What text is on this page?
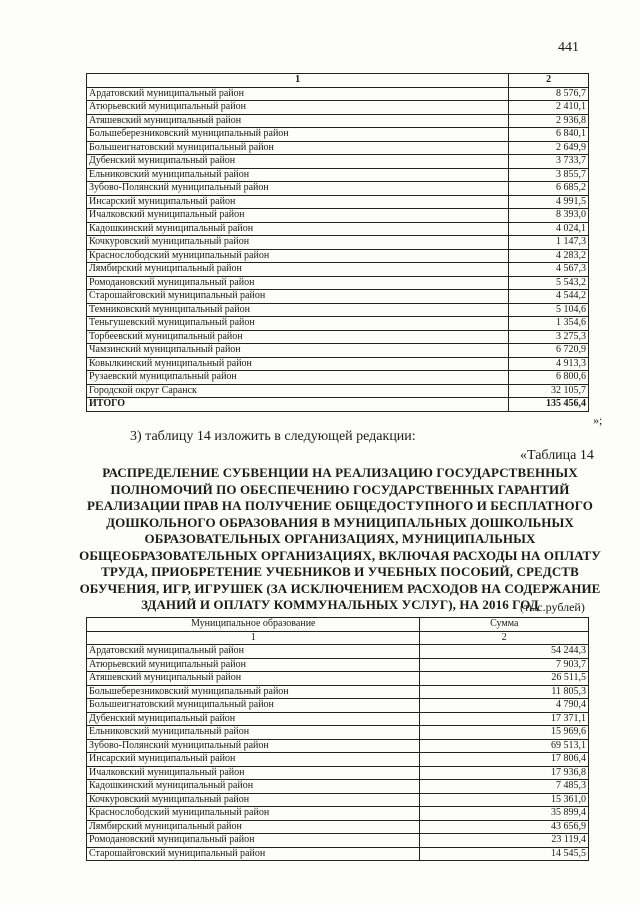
441
1	2
Ардатовский муниципальный район	8 576,7
Атюрьевский муниципальный район	2 410,1
Атяшевский муниципальный район	2 936,8
Большеберезниковский муниципальный район	6 840,1
Большеигнатовский муниципальный район	2 649,9
Дубенский муниципальный район	3 733,7
Ельниковский муниципальный район	3 855,7
Зубово-Полянский муниципальный район	6 685,2
Инсарский муниципальный район	4 991,5
Ичалковский муниципальный район	8 393,0
Кадошкинский муниципальный район	4 024,1
Кочкуровский муниципальный район	1 147,3
Краснослободский муниципальный район	4 283,2
Лямбирский муниципальный район	4 567,3
Ромодановский муниципальный район	5 543,2
Старошайговский муниципальный район	4 544,2
Темниковский муниципальный район	5 104,6
Теньгушевский муниципальный район	1 354,6
Торбеевский муниципальный район	3 275,3
Чамзинский муниципальный район	6 720,9
Ковылкинский муниципальный район	4 913,3
Рузаевский муниципальный район	6 800,6
Городской округ Саранск	32 105,7
ИТОГО	135 456,4
»;
3) таблицу 14 изложить в следующей редакции:
«Таблица 14
РАСПРЕДЕЛЕНИЕ СУБВЕНЦИИ НА РЕАЛИЗАЦИЮ ГОСУДАРСТВЕННЫХ ПОЛНОМОЧИЙ ПО ОБЕСПЕЧЕНИЮ ГОСУДАРСТВЕННЫХ ГАРАНТИЙ РЕАЛИЗАЦИИ ПРАВ НА ПОЛУЧЕНИЕ ОБЩЕДОСТУПНОГО И БЕСПЛАТНОГО ДОШКОЛЬНОГО ОБРАЗОВАНИЯ В МУНИЦИПАЛЬНЫХ ДОШКОЛЬНЫХ ОБРАЗОВАТЕЛЬНЫХ ОРГАНИЗАЦИЯХ, МУНИЦИПАЛЬНЫХ ОБЩЕОБРАЗОВАТЕЛЬНЫХ ОРГАНИЗАЦИЯХ, ВКЛЮЧАЯ РАСХОДЫ НА ОПЛАТУ ТРУДА, ПРИОБРЕТЕНИЕ УЧЕБНИКОВ И УЧЕБНЫХ ПОСОБИЙ, СРЕДСТВ ОБУЧЕНИЯ, ИГР, ИГРУШЕК (ЗА ИСКЛЮЧЕНИЕМ РАСХОДОВ НА СОДЕРЖАНИЕ ЗДАНИЙ И ОПЛАТУ КОММУНАЛЬНЫХ УСЛУГ), НА 2016 ГОД
(тыс.рублей)
Муниципальное образование	Сумма
1	2
Ардатовский муниципальный район	54 244,3
Атюрьевский муниципальный район	7 903,7
Атяшевский муниципальный район	26 511,5
Большеберезниковский муниципальный район	11 805,3
Большеигнатовский муниципальный район	4 790,4
Дубенский муниципальный район	17 371,1
Ельниковский муниципальный район	15 969,6
Зубово-Полянский муниципальный район	69 513,1
Инсарский муниципальный район	17 806,4
Ичалковский муниципальный район	17 936,8
Кадошкинский муниципальный район	7 485,3
Кочкуровский муниципальный район	15 361,0
Краснослободский муниципальный район	35 899,4
Лямбирский муниципальный район	43 656,9
Ромодановский муниципальный район	23 119,4
Старошайговский муниципальный район	14 545,5
